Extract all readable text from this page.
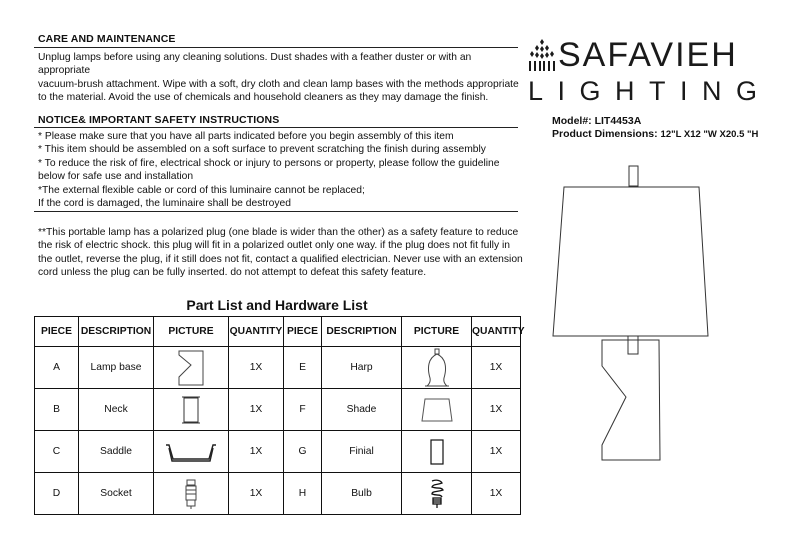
CARE AND MAINTENANCE
Unplug lamps before using any cleaning solutions. Dust shades with a feather duster or with an
appropriate
vacuum-brush attachment. Wipe with a soft, dry cloth and clean lamp bases with the methods appropriate
to the material. Avoid the use of chemicals and household cleaners as they may damage the finish.
NOTICE& IMPORTANT SAFETY INSTRUCTIONS
* Please make sure that you have all parts indicated before you begin assembly of this item
* This item should be assembled on a soft surface to prevent scratching the finish during assembly
* To reduce the risk of fire, electrical shock or injury to persons or property, please follow the guideline
below for safe use and installation
*The external flexible cable or cord of this luminaire cannot be replaced;
If the cord is damaged, the luminaire shall be destroyed
**This portable lamp has a polarized plug (one blade is wider than the other) as a safety feature to reduce
the risk of electric shock. this plug will fit in a polarized outlet only one way. if the plug does not fit fully in
the outlet, reverse the plug, if it still does not fit, contact a qualified electrician. Never use with an extension
cord unless the plug can be fully inserted. do not attempt to defeat this safety feature.
SAFAVIEH
LIGHTING
Model#: LIT4453A
Product Dimensions: 12"L X12 "W X20.5 "H
Part List and Hardware List
PIECE	DESCRIPTION	PICTURE	QUANTITY	PIECE	DESCRIPTION	PICTURE	QUANTITY
A	Lamp base		1X	E	Harp		1X
B	Neck		1X	F	Shade		1X
C	Saddle		1X	G	Finial		1X
D	Socket		1X	H	Bulb		1X
